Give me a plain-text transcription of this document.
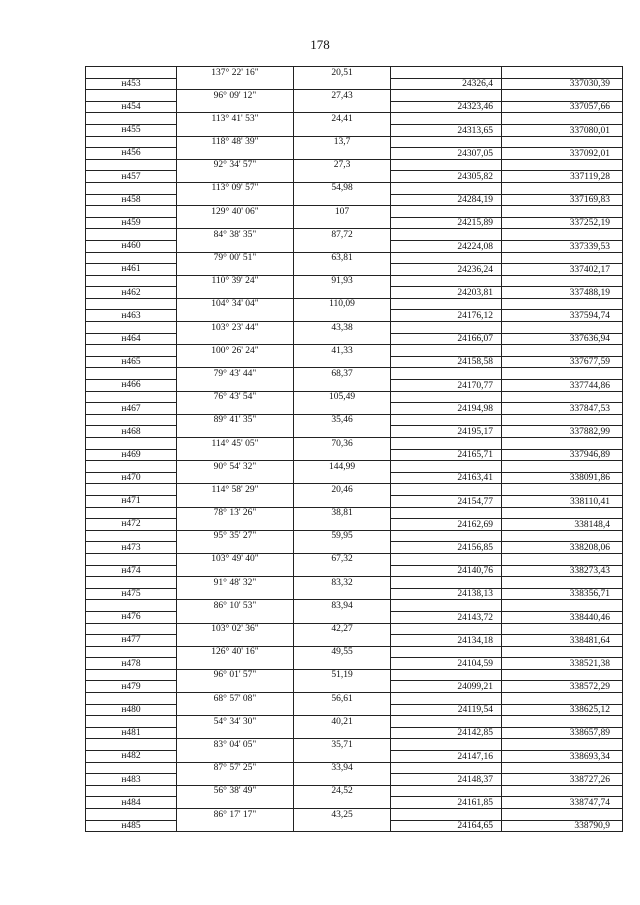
178
	137° 22' 16"	20,51		
н453			24326,4	337030,39
	96° 09' 12"	27,43		
н454			24323,46	337057,66
	113° 41' 53"	24,41		
н455			24313,65	337080,01
	118° 48' 39"	13,7		
н456			24307,05	337092,01
	92° 34' 57"	27,3		
н457			24305,82	337119,28
	113° 09' 57"	54,98		
н458			24284,19	337169,83
	129° 40' 06"	107		
н459			24215,89	337252,19
	84° 38' 35"	87,72		
н460			24224,08	337339,53
	79° 00' 51"	63,81		
н461			24236,24	337402,17
	110° 39' 24"	91,93		
н462			24203,81	337488,19
	104° 34' 04"	110,09		
н463			24176,12	337594,74
	103° 23' 44"	43,38		
н464			24166,07	337636,94
	100° 26' 24"	41,33		
н465			24158,58	337677,59
	79° 43' 44"	68,37		
н466			24170,77	337744,86
	76° 43' 54"	105,49		
н467			24194,98	337847,53
	89° 41' 35"	35,46		
н468			24195,17	337882,99
	114° 45' 05"	70,36		
н469			24165,71	337946,89
	90° 54' 32"	144,99		
н470			24163,41	338091,86
	114° 58' 29"	20,46		
н471			24154,77	338110,41
	78° 13' 26"	38,81		
н472			24162,69	338148,4
	95° 35' 27"	59,95		
н473			24156,85	338208,06
	103° 49' 40"	67,32		
н474			24140,76	338273,43
	91° 48' 32"	83,32		
н475			24138,13	338356,71
	86° 10' 53"	83,94		
н476			24143,72	338440,46
	103° 02' 36"	42,27		
н477			24134,18	338481,64
	126° 40' 16"	49,55		
н478			24104,59	338521,38
	96° 01' 57"	51,19		
н479			24099,21	338572,29
	68° 57' 08"	56,61		
н480			24119,54	338625,12
	54° 34' 30"	40,21		
н481			24142,85	338657,89
	83° 04' 05"	35,71		
н482			24147,16	338693,34
	87° 57' 25"	33,94		
н483			24148,37	338727,26
	56° 38' 49"	24,52		
н484			24161,85	338747,74
	86° 17' 17"	43,25		
н485			24164,65	338790,9
